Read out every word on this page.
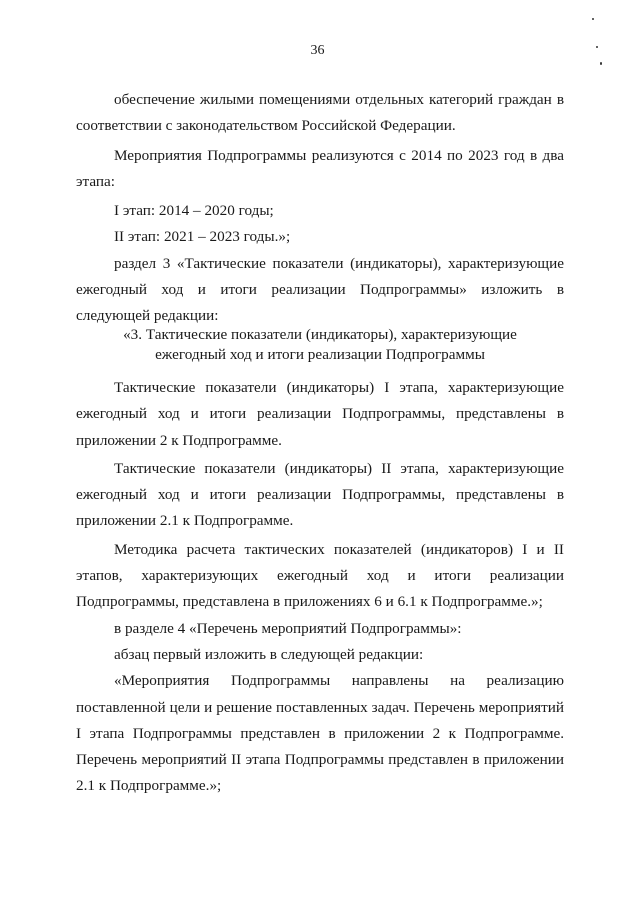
36

обеспечение жилыми помещениями отдельных категорий граждан в соответствии с законодательством Российской Федерации.

Мероприятия Подпрограммы реализуются с 2014 по 2023 год в два этапа:

I этап: 2014 – 2020 годы;

II этап: 2021 – 2023 годы.»;

раздел 3 «Тактические показатели (индикаторы), характеризующие ежегодный ход и итоги реализации Подпрограммы» изложить в следующей редакции:

«3. Тактические показатели (индикаторы), характеризующие
ежегодный ход и итоги реализации Подпрограммы

Тактические показатели (индикаторы) I этапа, характеризующие ежегодный ход и итоги реализации Подпрограммы, представлены в приложении 2 к Подпрограмме.

Тактические показатели (индикаторы) II этапа, характеризующие ежегодный ход и итоги реализации Подпрограммы, представлены в приложении 2.1 к Подпрограмме.

Методика расчета тактических показателей (индикаторов) I и II этапов, характеризующих ежегодный ход и итоги реализации Подпрограммы, представлена в приложениях 6 и 6.1 к Подпрограмме.»;

в разделе 4 «Перечень мероприятий Подпрограммы»:

абзац первый изложить в следующей редакции:

«Мероприятия Подпрограммы направлены на реализацию поставленной цели и решение поставленных задач. Перечень мероприятий I этапа Подпрограммы представлен в приложении 2 к Подпрограмме. Перечень мероприятий II этапа Подпрограммы представлен в приложении 2.1 к Подпрограмме.»;
